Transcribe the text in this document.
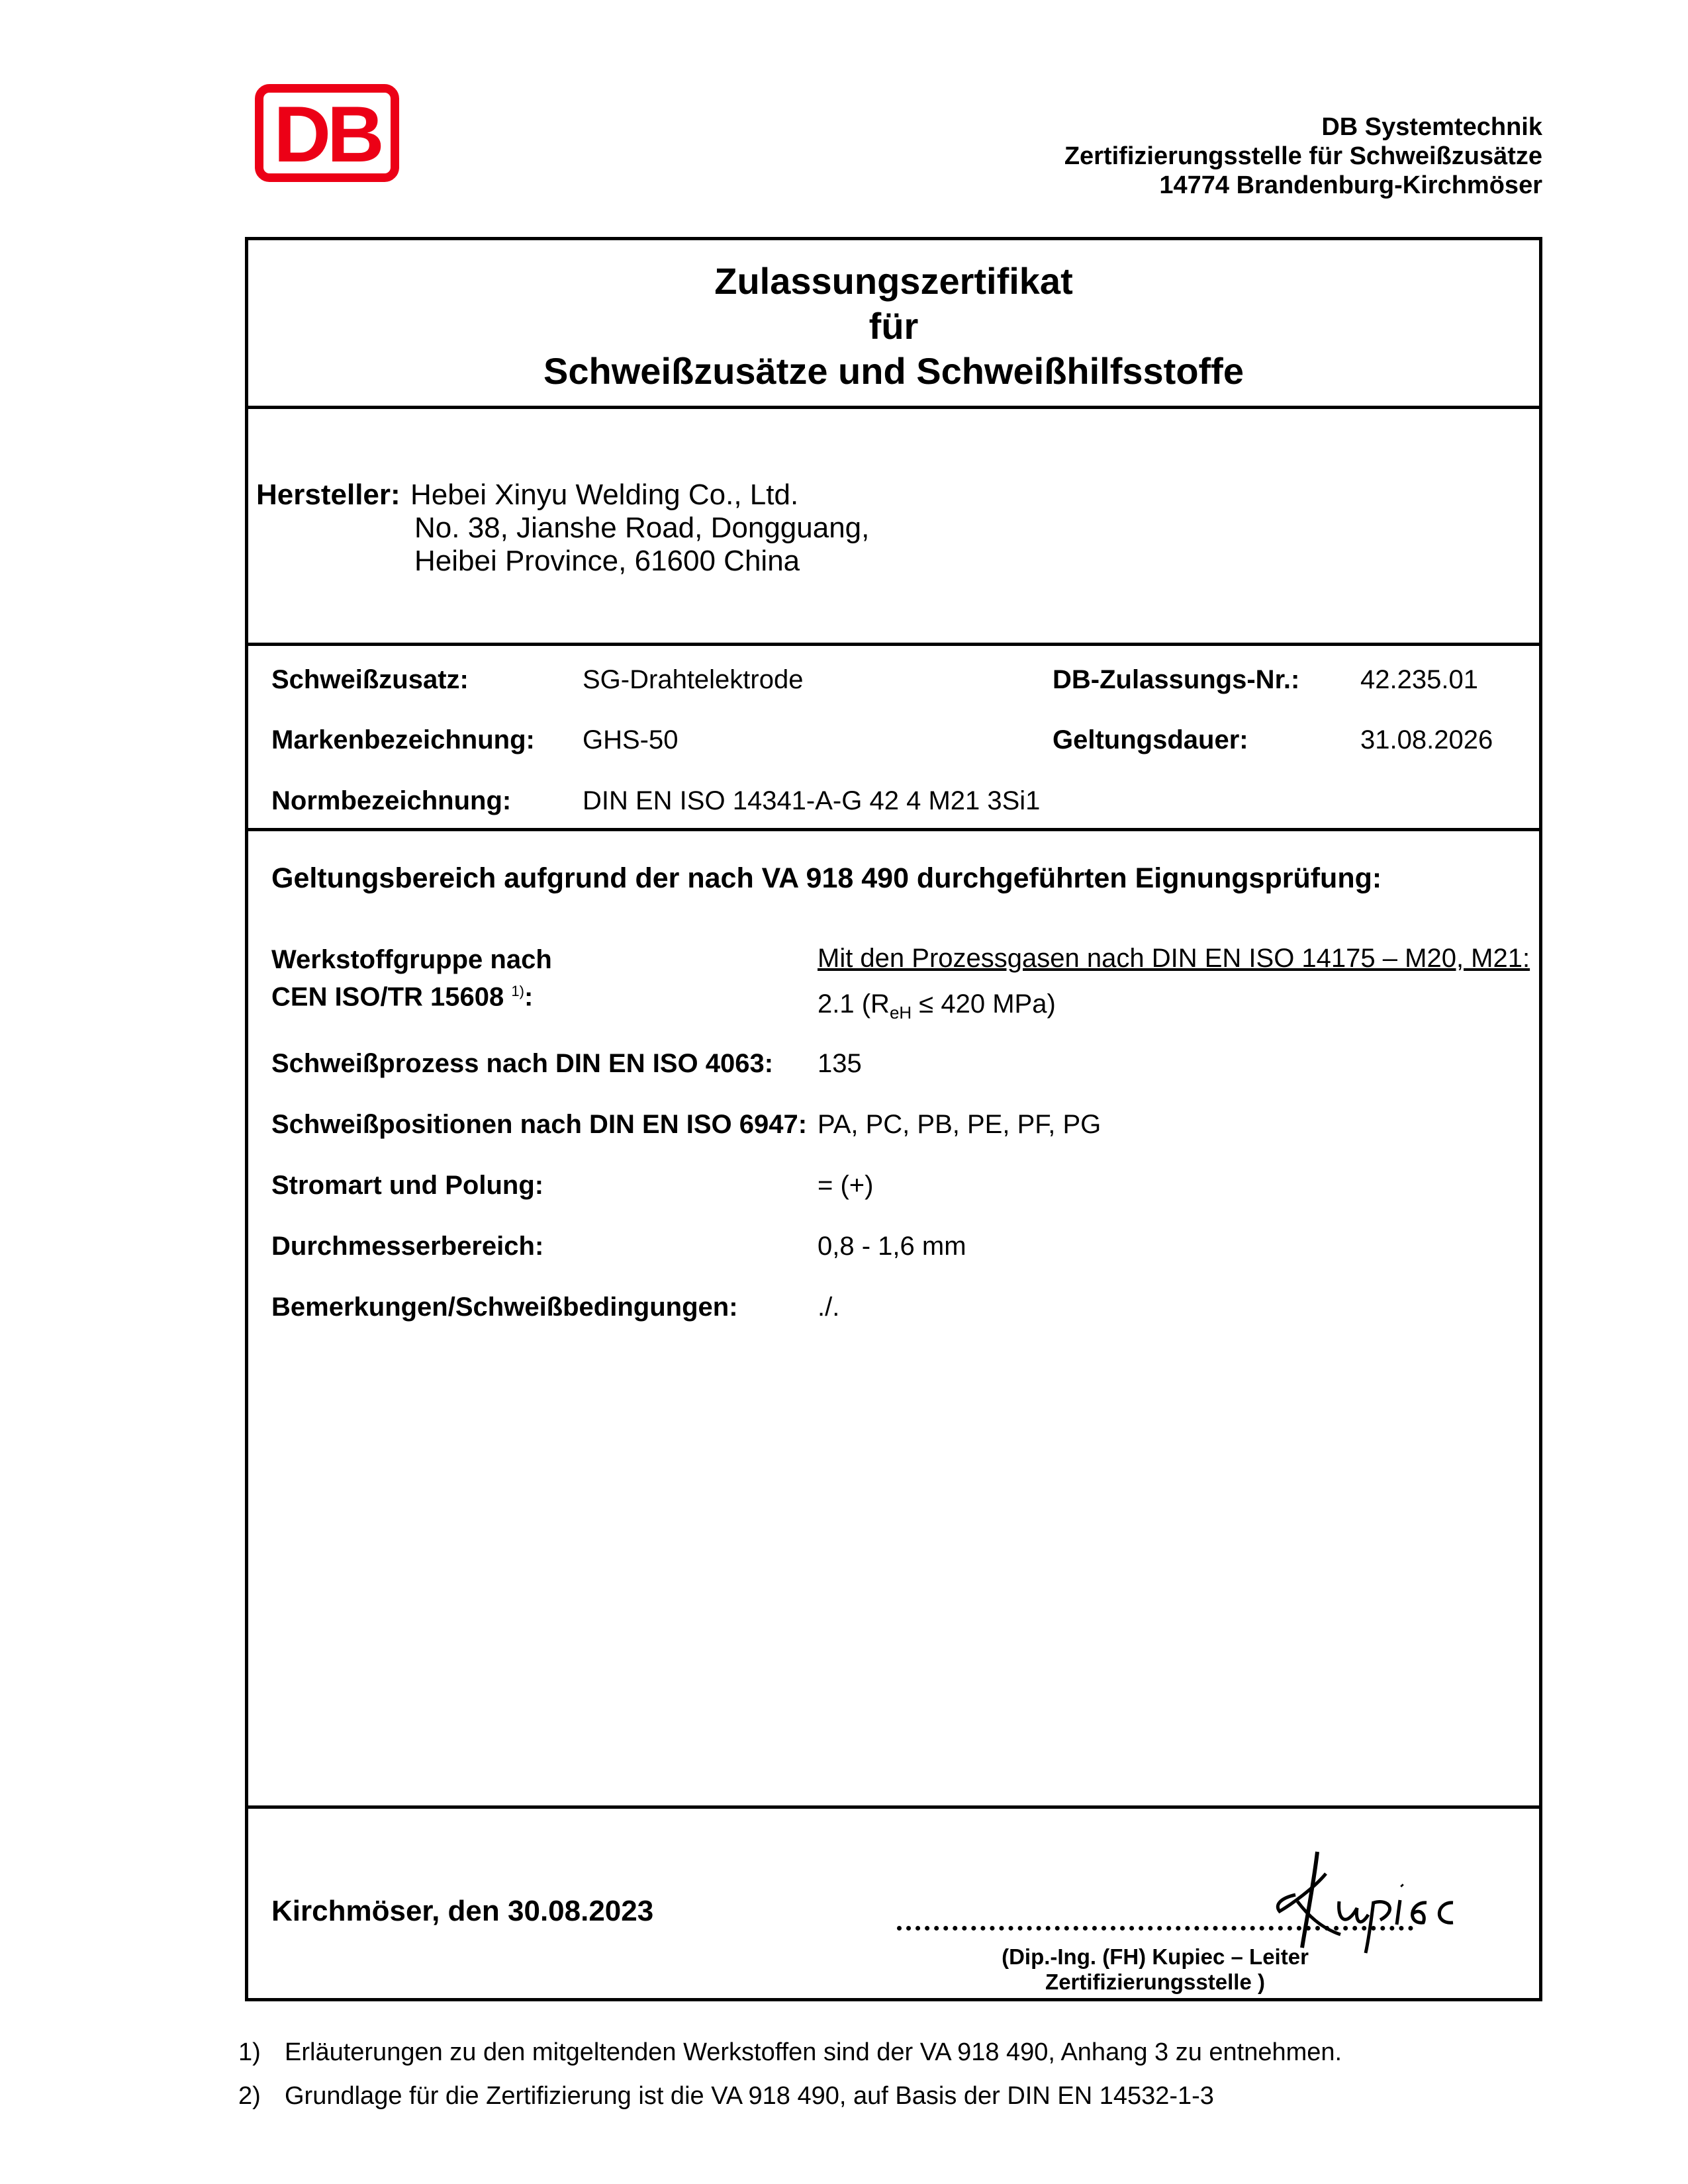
DB	DB Systemtechnik
Zertifizierungsstelle für Schweißzusätze
14774 Brandenburg-Kirchmöser
Zulassungszertifikat
für
Schweißzusätze und Schweißhilfsstoffe
Hersteller: Hebei Xinyu Welding Co., Ltd.
No. 38, Jianshe Road, Dongguang,
Heibei Province, 61600 China
Schweißzusatz:	SG-Drahtelektrode	DB-Zulassungs-Nr.: 42.235.01
Markenbezeichnung: GHS-50	Geltungsdauer:	31.08.2026
Normbezeichnung:	DIN EN ISO 14341-A-G 42 4 M21 3Si1
Geltungsbereich aufgrund der nach VA 918 490 durchgeführten Eignungsprüfung:
Werkstoffgruppe nach
CEN ISO/TR 15608 $^{1)}$:
Mit den Prozessgasen nach DIN EN ISO 14175 – M20, M21:
2.1 ($R_{eH} \le 420$ MPa)
Schweißprozess nach DIN EN ISO 4063: 135
Schweißpositionen nach DIN EN ISO 6947: PA, PC, PB, PE, PF, PG
Stromart und Polung:	= (+)
Durchmesserbereich:	0,8 - 1,6 mm
Bemerkungen/Schweißbedingungen:	./.
Kirchmöser, den 30.08.2023
(Dip.-Ing. (FH) Kupiec – Leiter Zertifizierungsstelle )
1) Erläuterungen zu den mitgeltenden Werkstoffen sind der VA 918 490, Anhang 3 zu entnehmen.
2) Grundlage für die Zertifizierung ist die VA 918 490, auf Basis der DIN EN 14532-1-3
